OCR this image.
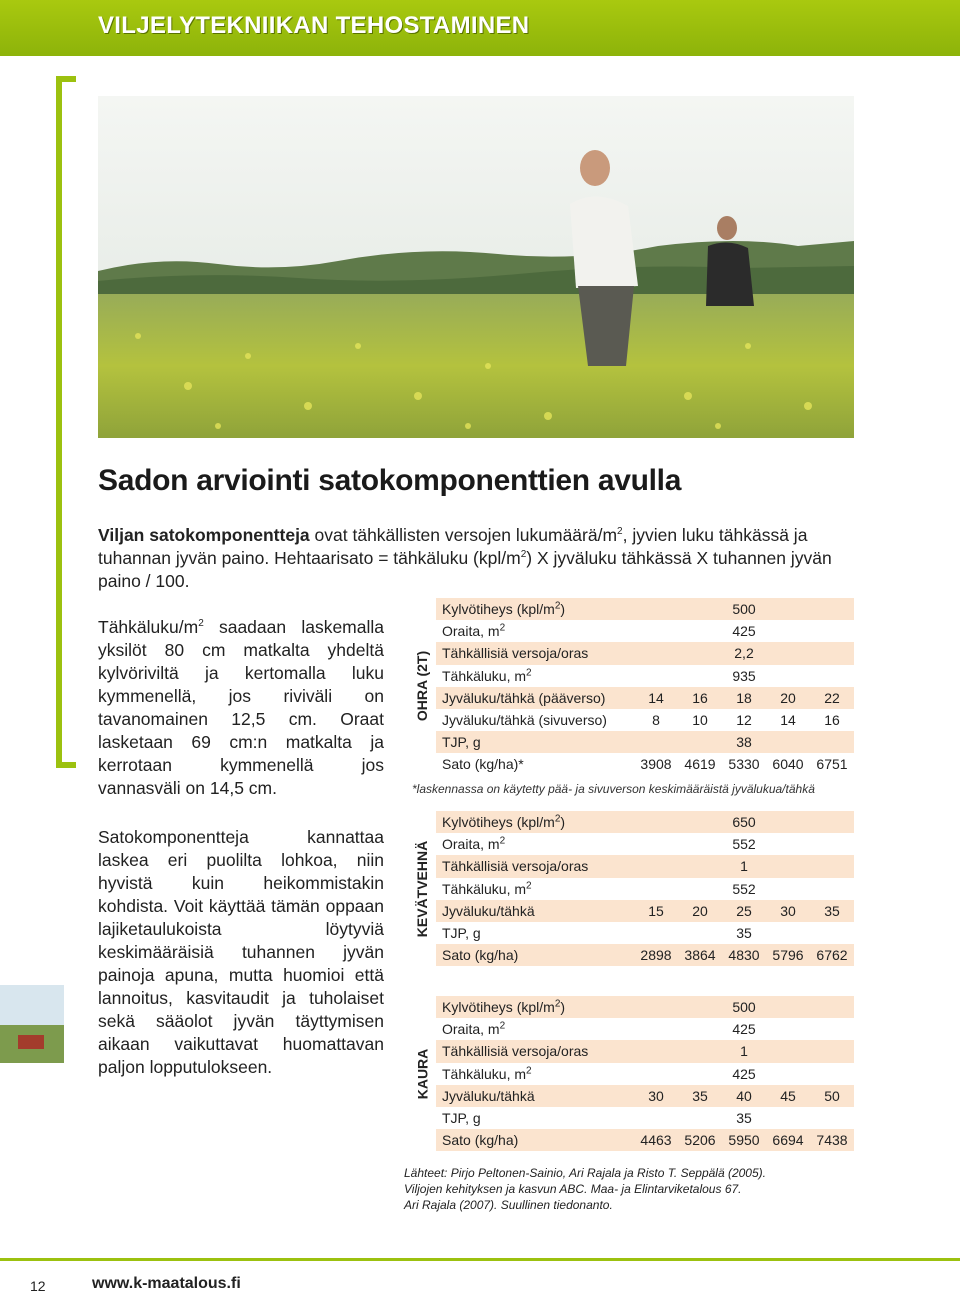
VILJELYTEKNIIKAN TEHOSTAMINEN
Sadon arviointi satokomponenttien avulla
Viljan satokomponentteja ovat tähkällisten versojen lukumäärä/$m^2$, jyvien luku tähkässä ja tuhannan jyvän paino. Hehtaarisato = tähkäluku $(kpl/m^2)$ X jyväluku tähkässä X tuhannen jyvän paino / 100.

Tähkäluku/$m^2$ saadaan laskemalla yksilöt 80 cm matkalta yhdeltä kylvöriviltä ja kertomalla luku kymmenellä, jos riviväli on tavanomainen 12,5 cm. Oraat lasketaan 69 cm:n matkalta ja kerrotaan kymmenellä jos vannasväli on 14,5 cm.

Satokomponentteja kannattaa laskea eri puolilta lohkoa, niin hyvistä kuin heikommistakin kohdista. Voit käyttää tämän oppaan lajiketaulukoista löytyviä keskimääräisiä tuhannen jyvän painoja apuna, mutta huomioi että lannoitus, kasvitaudit ja tuholaiset sekä sääolot jyvän täyttymisen aikaan vaikuttavat huomattavan paljon lopputulokseen.

OHRA (2T)
Kylvötiheys $(kpl/m^2)$	500
Oraita, $m^2$	425
Tähkällisiä versoja/oras	2,2
Tähkäluku, $m^2$	935
Jyväluku/tähkä (pääverso)	14	16	18	20	22
Jyväluku/tähkä (sivuverso)	8	10	12	14	16
TJP, g	38
Sato (kg/ha)*	3908 4619 5330 6040 6751
*laskennassa on käytetty pää- ja sivuverson keskimääräistä jyvälukua/tähkä
KEVÄTVEHNÄ
Kylvötiheys $(kpl/m^2)$	650
Oraita, $m^2$	552
Tähkällisiä versoja/oras	1
Tähkäluku, $m^2$	552
Jyväluku/tähkä	15	20	25	30	35
TJP, g	35
Sato (kg/ha)	2898 3864 4830 5796 6762
KAURA
Kylvötiheys $(kpl/m^2)$	500
Oraita, $m^2$	425
Tähkällisiä versoja/oras	1
Tähkäluku, $m^2$	425
Jyväluku/tähkä	30	35	40	45	50
TJP, g	35
Sato (kg/ha)	4463 5206 5950 6694 7438
Lähteet: Pirjo Peltonen-Sainio, Ari Rajala ja Risto T. Seppälä (2005).
Viljojen kehityksen ja kasvun ABC. Maa- ja Elintarviketalous 67.
Ari Rajala (2007). Suullinen tiedonanto.
12	www.k-maatalous.fi
